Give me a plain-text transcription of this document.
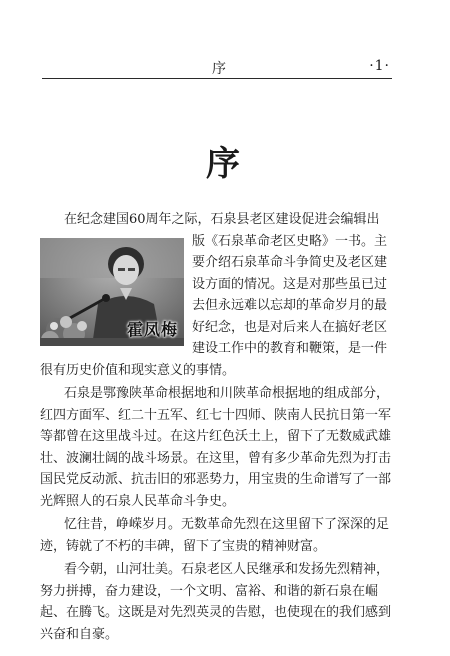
序	·1·
序
霍凤梅
在纪念建国60周年之际，石泉县老区建设促进会编辑出
版《石泉革命老区史略》一书。主
要介绍石泉革命斗争简史及老区建
设方面的情况。这是对那些虽已过
去但永远难以忘却的革命岁月的最
好纪念，也是对后来人在搞好老区
建设工作中的教育和鞭策，是一件
很有历史价值和现实意义的事情。
石泉是鄂豫陕革命根据地和川陕革命根据地的组成部分，
红四方面军、红二十五军、红七十四师、陕南人民抗日第一军
等都曾在这里战斗过。在这片红色沃土上，留下了无数威武雄
壮、波澜壮阔的战斗场景。在这里，曾有多少革命先烈为打击
国民党反动派、抗击旧的邪恶势力，用宝贵的生命谱写了一部
光辉照人的石泉人民革命斗争史。
忆往昔，峥嵘岁月。无数革命先烈在这里留下了深深的足
迹，铸就了不朽的丰碑，留下了宝贵的精神财富。
看今朝，山河壮美。石泉老区人民继承和发扬先烈精神，
努力拼搏，奋力建设，一个文明、富裕、和谐的新石泉在崛
起、在腾飞。这既是对先烈英灵的告慰，也使现在的我们感到
兴奋和自豪。
